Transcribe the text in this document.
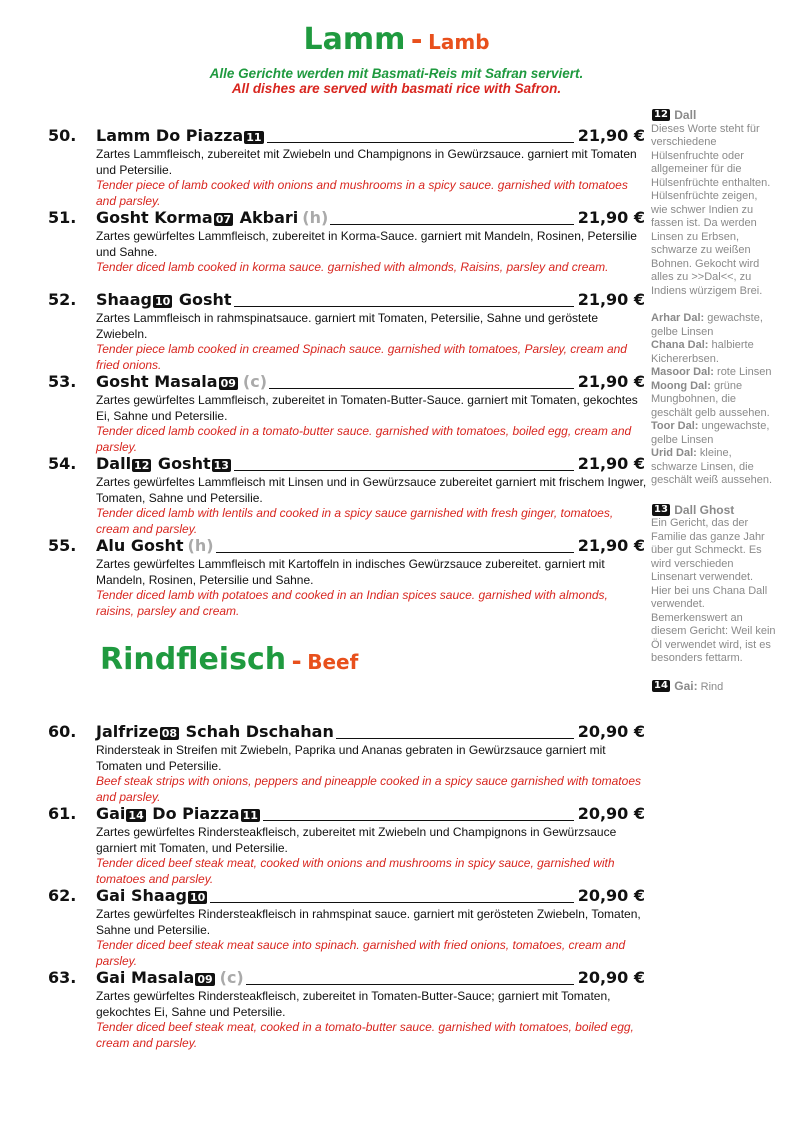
Lamm - Lamb
Alle Gerichte werden mit Basmati-Reis mit Safran serviert.
All dishes are served with basmati rice with Safron.
Rindfleisch - Beef
50. Lamm Do Piazza 11	21,90 €
Zartes Lammfleisch, zubereitet mit Zwiebeln und Champignons in Gewürzsauce. garniert mit Tomaten und Petersilie.
Tender piece of lamb cooked with onions and mushrooms in a spicy sauce. garnished with tomatoes and parsley.
51. Gosht Korma 07 Akbari (h)	21,90 €
Zartes gewürfeltes Lammfleisch, zubereitet in Korma-Sauce. garniert mit Mandeln, Rosinen, Petersilie und Sahne.
Tender diced lamb cooked in korma sauce. garnished with almonds, Raisins, parsley and cream.
52. Shaag 10 Gosht	21,90 €
Zartes Lammfleisch in rahmspinatsauce. garniert mit Tomaten, Petersilie, Sahne und geröstete Zwiebeln.
Tender piece lamb cooked in creamed Spinach sauce. garnished with tomatoes, Parsley, cream and fried onions.
53. Gosht Masala 09 (c)	21,90 €
Zartes gewürfeltes Lammfleisch, zubereitet in Tomaten-Butter-Sauce. garniert mit Tomaten, gekochtes Ei, Sahne und Petersilie.
Tender diced lamb cooked in a tomato-butter sauce. garnished with tomatoes, boiled egg, cream and parsley.
54. Dall 12 Gosht 13	21,90 €
Zartes gewürfeltes Lammfleisch mit Linsen und in Gewürzsauce zubereitet garniert mit frischem Ingwer, Tomaten, Sahne und Petersilie.
Tender diced lamb with lentils and cooked in a spicy sauce garnished with fresh ginger, tomatoes, cream and parsley.
55. Alu Gosht (h)	21,90 €
Zartes gewürfeltes Lammfleisch mit Kartoffeln in indisches Gewürzsauce zubereitet. garniert mit Mandeln, Rosinen, Petersilie und Sahne.
Tender diced lamb with potatoes and cooked in an Indian spices sauce. garnished with almonds, raisins, parsley and cream.
60. Jalfrize 08 Schah Dschahan	20,90 €
Rindersteak in Streifen mit Zwiebeln, Paprika und Ananas gebraten in Gewürzsauce garniert mit Tomaten und Petersilie.
Beef steak strips with onions, peppers and pineapple cooked in a spicy sauce garnished with tomatoes and parsley.
61. Gai 14 Do Piazza 11	20,90 €
Zartes gewürfeltes Rindersteakfleisch, zubereitet mit Zwiebeln und Champignons in Gewürzsauce garniert mit Tomaten, und Petersilie.
Tender diced beef steak meat, cooked with onions and mushrooms in spicy sauce, garnished with tomatoes and parsley.
62. Gai Shaag 10	20,90 €
Zartes gewürfeltes Rindersteakfleisch in rahmspinat sauce. garniert mit gerösteten Zwiebeln, Tomaten, Sahne und Petersilie.
Tender diced beef steak meat sauce into spinach. garnished with fried onions, tomatoes, cream and parsley.
63. Gai Masala 09 (c)	20,90 €
Zartes gewürfeltes Rindersteakfleisch, zubereitet in Tomaten-Butter-Sauce; garniert mit Tomaten, gekochtes Ei, Sahne und Petersilie.
Tender diced beef steak meat, cooked in a tomato-butter sauce. garnished with tomatoes, boiled egg, cream and parsley.
12 Dall
Dieses Worte steht für verschiedene Hülsenfruchte oder allgemeiner für die Hülsenfrüchte enthalten. Hülsenfrüchte zeigen, wie schwer Indien zu fassen ist. Da werden Linsen zu Erbsen, schwarze zu weißen Bohnen. Gekocht wird alles zu >>Dal<<, zu Indiens würzigem Brei.
Arhar Dal: gewachste, gelbe Linsen
Chana Dal: halbierte Kichererbsen.
Masoor Dal: rote Linsen
Moong Dal: grüne Mungbohnen, die geschält gelb aussehen.
Toor Dal: ungewachste, gelbe Linsen
Urid Dal: kleine, schwarze Linsen, die geschält weiß aussehen.
13 Dall Ghost
Ein Gericht, das der Familie das ganze Jahr über gut Schmeckt. Es wird verschieden Linsenart verwendet. Hier bei uns Chana Dall verwendet. Bemerkenswert an diesem Gericht: Weil kein Öl verwendet wird, ist es besonders fettarm.
14 Gai: Rind
